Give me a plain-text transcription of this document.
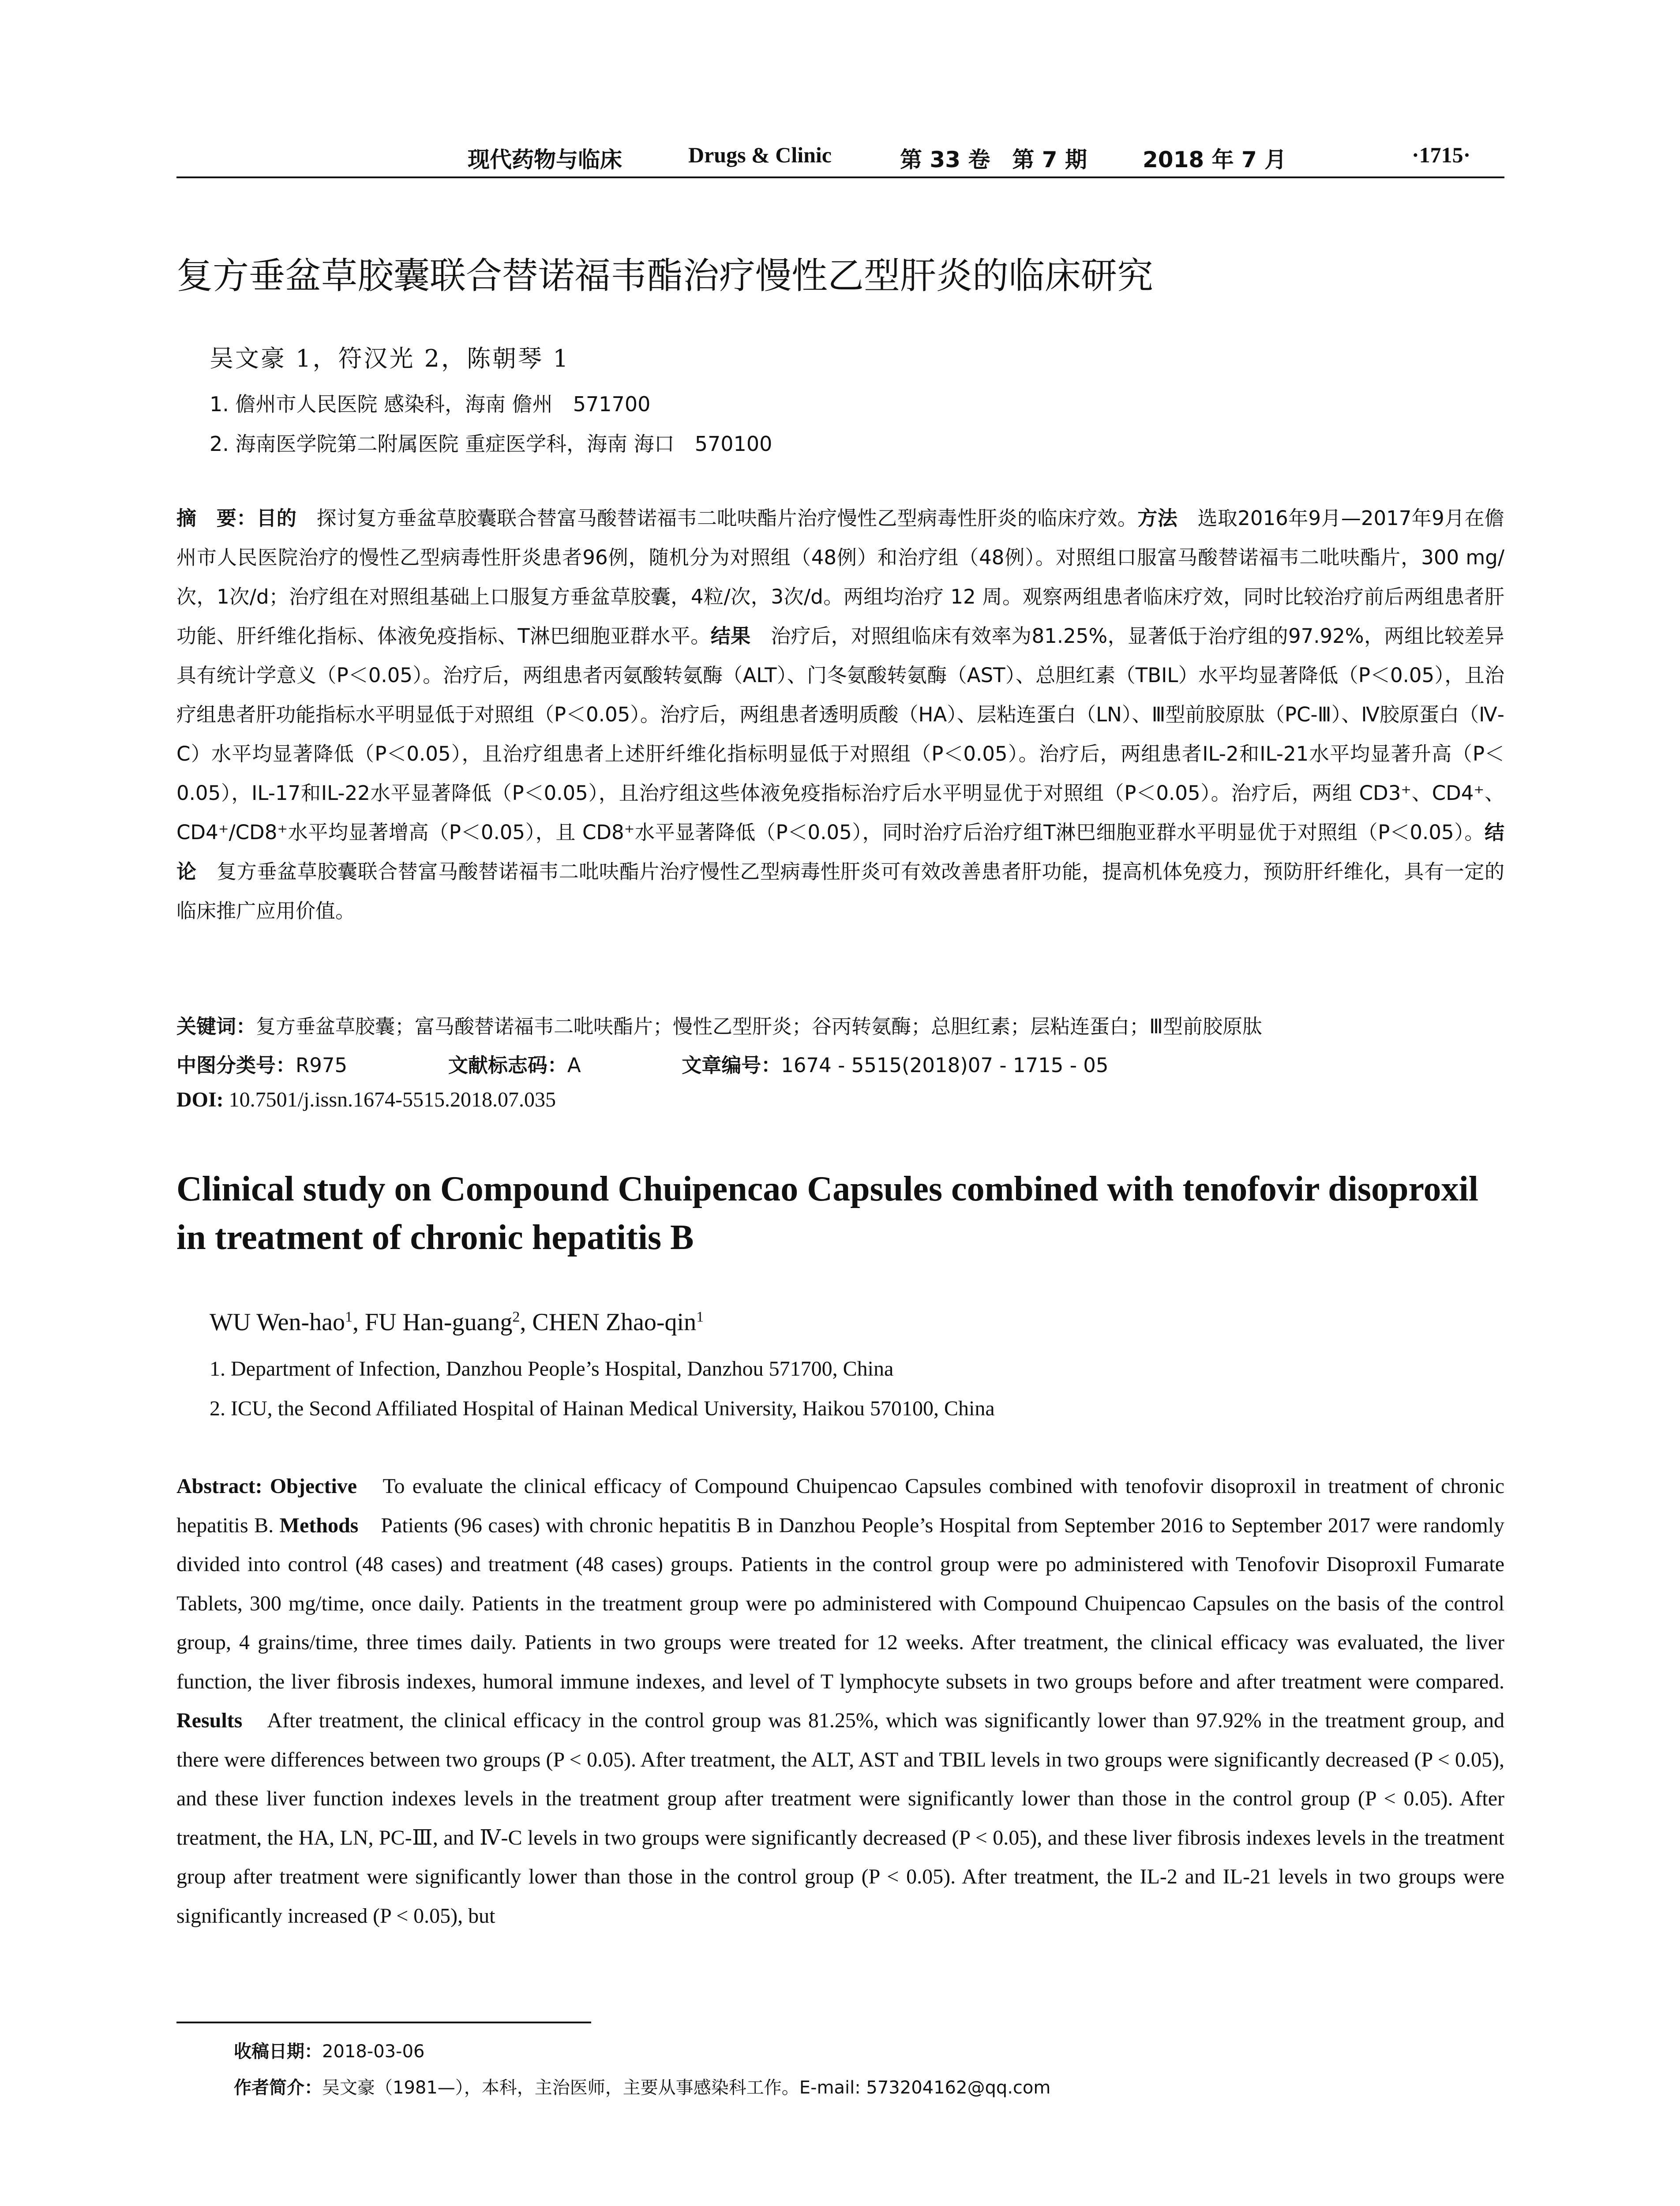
现代药物与临床	Drugs & Clinic	第 33 卷　第 7 期	2018 年 7 月	·1715·
复方垂盆草胶囊联合替诺福韦酯治疗慢性乙型肝炎的临床研究
吴文豪 1，符汉光 2，陈朝琴 1
1. 儋州市人民医院 感染科，海南 儋州　571700
2. 海南医学院第二附属医院 重症医学科，海南 海口　570100
摘　要：目的　探讨复方垂盆草胶囊联合替富马酸替诺福韦二吡呋酯片治疗慢性乙型病毒性肝炎的临床疗效。方法　选取2016年9月—2017年9月在儋州市人民医院治疗的慢性乙型病毒性肝炎患者96例，随机分为对照组（48例）和治疗组（48例）。对照组口服富马酸替诺福韦二吡呋酯片，300 mg/次，1次/d；治疗组在对照组基础上口服复方垂盆草胶囊，4粒/次，3次/d。两组均治疗 12 周。观察两组患者临床疗效，同时比较治疗前后两组患者肝功能、肝纤维化指标、体液免疫指标、T淋巴细胞亚群水平。结果　治疗后，对照组临床有效率为81.25%，显著低于治疗组的97.92%，两组比较差异具有统计学意义（P＜0.05）。治疗后，两组患者丙氨酸转氨酶（ALT）、门冬氨酸转氨酶（AST）、总胆红素（TBIL）水平均显著降低（P＜0.05），且治疗组患者肝功能指标水平明显低于对照组（P＜0.05）。治疗后，两组患者透明质酸（HA）、层粘连蛋白（LN）、Ⅲ型前胶原肽（PC-Ⅲ）、Ⅳ胶原蛋白（Ⅳ-C）水平均显著降低（P＜0.05），且治疗组患者上述肝纤维化指标明显低于对照组（P＜0.05）。治疗后，两组患者IL-2和IL-21水平均显著升高（P＜0.05），IL-17和IL-22水平显著降低（P＜0.05），且治疗组这些体液免疫指标治疗后水平明显优于对照组（P＜0.05）。治疗后，两组 CD3⁺、CD4⁺、CD4⁺/CD8⁺水平均显著增高（P＜0.05），且 CD8⁺水平显著降低（P＜0.05），同时治疗后治疗组T淋巴细胞亚群水平明显优于对照组（P＜0.05）。结论　复方垂盆草胶囊联合替富马酸替诺福韦二吡呋酯片治疗慢性乙型病毒性肝炎可有效改善患者肝功能，提高机体免疫力，预防肝纤维化，具有一定的临床推广应用价值。
关键词：复方垂盆草胶囊；富马酸替诺福韦二吡呋酯片；慢性乙型肝炎；谷丙转氨酶；总胆红素；层粘连蛋白；Ⅲ型前胶原肽
中图分类号：R975	文献标志码：A	文章编号：1674 - 5515(2018)07 - 1715 - 05
DOI: 10.7501/j.issn.1674-5515.2018.07.035
Clinical study on Compound Chuipencao Capsules combined with tenofovir disoproxil in treatment of chronic hepatitis B
WU Wen-hao$^1$, FU Han-guang$^2$, CHEN Zhao-qin$^1$
1. Department of Infection, Danzhou People’s Hospital, Danzhou 571700, China
2. ICU, the Second Affiliated Hospital of Hainan Medical University, Haikou 570100, China
Abstract: Objective　To evaluate the clinical efficacy of Compound Chuipencao Capsules combined with tenofovir disoproxil in treatment of chronic hepatitis B. Methods　Patients (96 cases) with chronic hepatitis B in Danzhou People’s Hospital from September 2016 to September 2017 were randomly divided into control (48 cases) and treatment (48 cases) groups. Patients in the control group were po administered with Tenofovir Disoproxil Fumarate Tablets, 300 mg/time, once daily. Patients in the treatment group were po administered with Compound Chuipencao Capsules on the basis of the control group, 4 grains/time, three times daily. Patients in two groups were treated for 12 weeks. After treatment, the clinical efficacy was evaluated, the liver function, the liver fibrosis indexes, humoral immune indexes, and level of T lymphocyte subsets in two groups before and after treatment were compared. Results　After treatment, the clinical efficacy in the control group was 81.25%, which was significantly lower than 97.92% in the treatment group, and there were differences between two groups (P < 0.05). After treatment, the ALT, AST and TBIL levels in two groups were significantly decreased (P < 0.05), and these liver function indexes levels in the treatment group after treatment were significantly lower than those in the control group (P < 0.05). After treatment, the HA, LN, PC-Ⅲ, and Ⅳ-C levels in two groups were significantly decreased (P < 0.05), and these liver fibrosis indexes levels in the treatment group after treatment were significantly lower than those in the control group (P < 0.05). After treatment, the IL-2 and IL-21 levels in two groups were significantly increased (P < 0.05), but
收稿日期：2018-03-06
作者简介：吴文豪（1981—），本科，主治医师，主要从事感染科工作。E-mail: 573204162@qq.com
